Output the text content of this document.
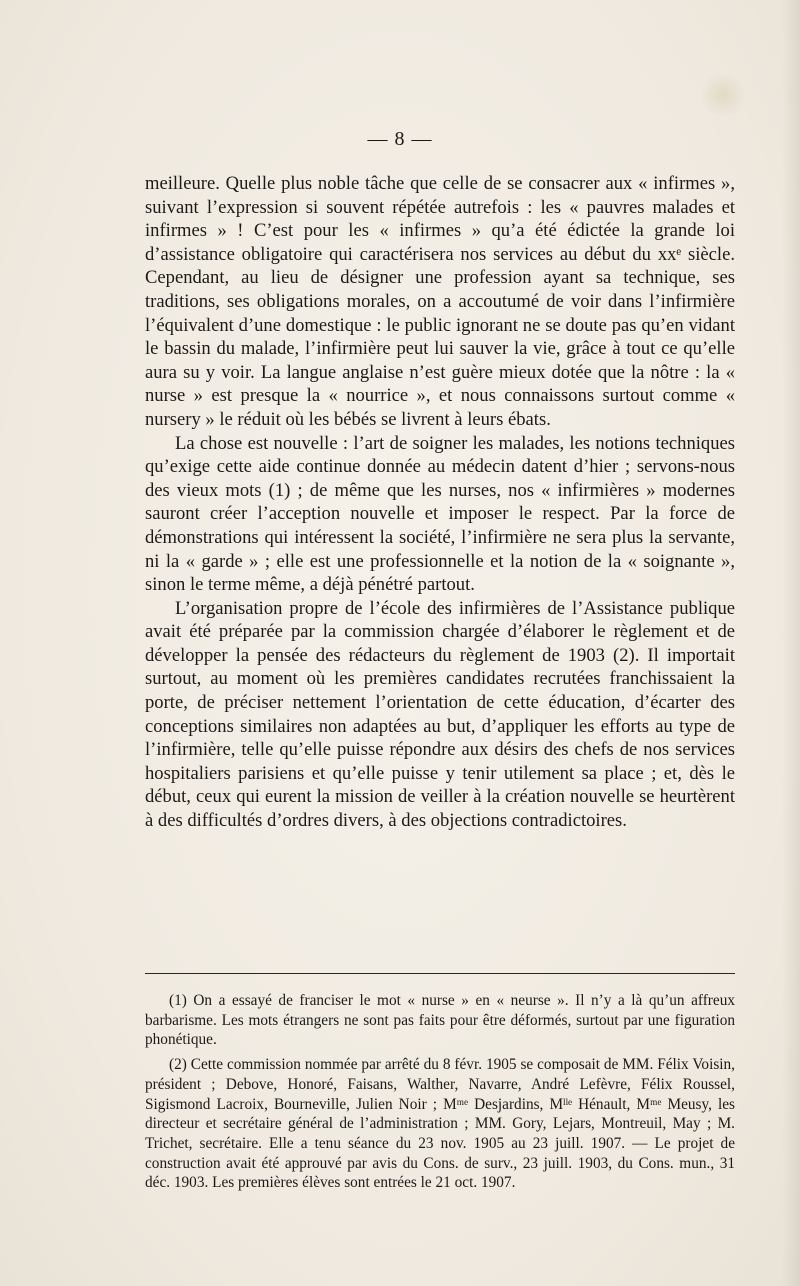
— 8 —

meilleure. Quelle plus noble tâche que celle de se consacrer aux « infirmes », suivant l’expression si souvent répétée autrefois : les « pauvres malades et infirmes » ! C’est pour les « infirmes » qu’a été édictée la grande loi d’assistance obligatoire qui caractérisera nos services au début du xxᵉ siècle. Cependant, au lieu de désigner une profession ayant sa technique, ses traditions, ses obligations morales, on a accoutumé de voir dans l’infirmière l’équivalent d’une domestique : le public ignorant ne se doute pas qu’en vidant le bassin du malade, l’infirmière peut lui sauver la vie, grâce à tout ce qu’elle aura su y voir. La langue anglaise n’est guère mieux dotée que la nôtre : la « nurse » est presque la « nourrice », et nous connaissons surtout comme « nursery » le réduit où les bébés se livrent à leurs ébats.

La chose est nouvelle : l’art de soigner les malades, les notions techniques qu’exige cette aide continue donnée au médecin datent d’hier ; servons-nous des vieux mots (1) ; de même que les nurses, nos « infirmières » modernes sauront créer l’acception nouvelle et imposer le respect. Par la force de démonstrations qui intéressent la société, l’infirmière ne sera plus la servante, ni la « garde » ; elle est une professionnelle et la notion de la « soignante », sinon le terme même, a déjà pénétré partout.

L’organisation propre de l’école des infirmières de l’Assistance publique avait été préparée par la commission chargée d’élaborer le règlement et de développer la pensée des rédacteurs du règlement de 1903 (2). Il importait surtout, au moment où les premières candidates recrutées franchissaient la porte, de préciser nettement l’orientation de cette éducation, d’écarter des conceptions similaires non adaptées au but, d’appliquer les efforts au type de l’infirmière, telle qu’elle puisse répondre aux désirs des chefs de nos services hospitaliers parisiens et qu’elle puisse y tenir utilement sa place ; et, dès le début, ceux qui eurent la mission de veiller à la création nouvelle se heurtèrent à des difficultés d’ordres divers, à des objections contradictoires.

(1) On a essayé de franciser le mot « nurse » en « neurse ». Il n’y a là qu’un affreux barbarisme. Les mots étrangers ne sont pas faits pour être déformés, surtout par une figuration phonétique.

(2) Cette commission nommée par arrêté du 8 févr. 1905 se composait de MM. Félix Voisin, président ; Debove, Honoré, Faisans, Walther, Navarre, André Lefèvre, Félix Roussel, Sigismond Lacroix, Bourneville, Julien Noir ; Mᵐᵉ Desjardins, Mˡˡᵉ Hénault, Mᵐᵉ Meusy, les directeur et secrétaire général de l’administration ; MM. Gory, Lejars, Montreuil, May ; M. Trichet, secrétaire. Elle a tenu séance du 23 nov. 1905 au 23 juill. 1907. — Le projet de construction avait été approuvé par avis du Cons. de surv., 23 juill. 1903, du Cons. mun., 31 déc. 1903. Les premières élèves sont entrées le 21 oct. 1907.
